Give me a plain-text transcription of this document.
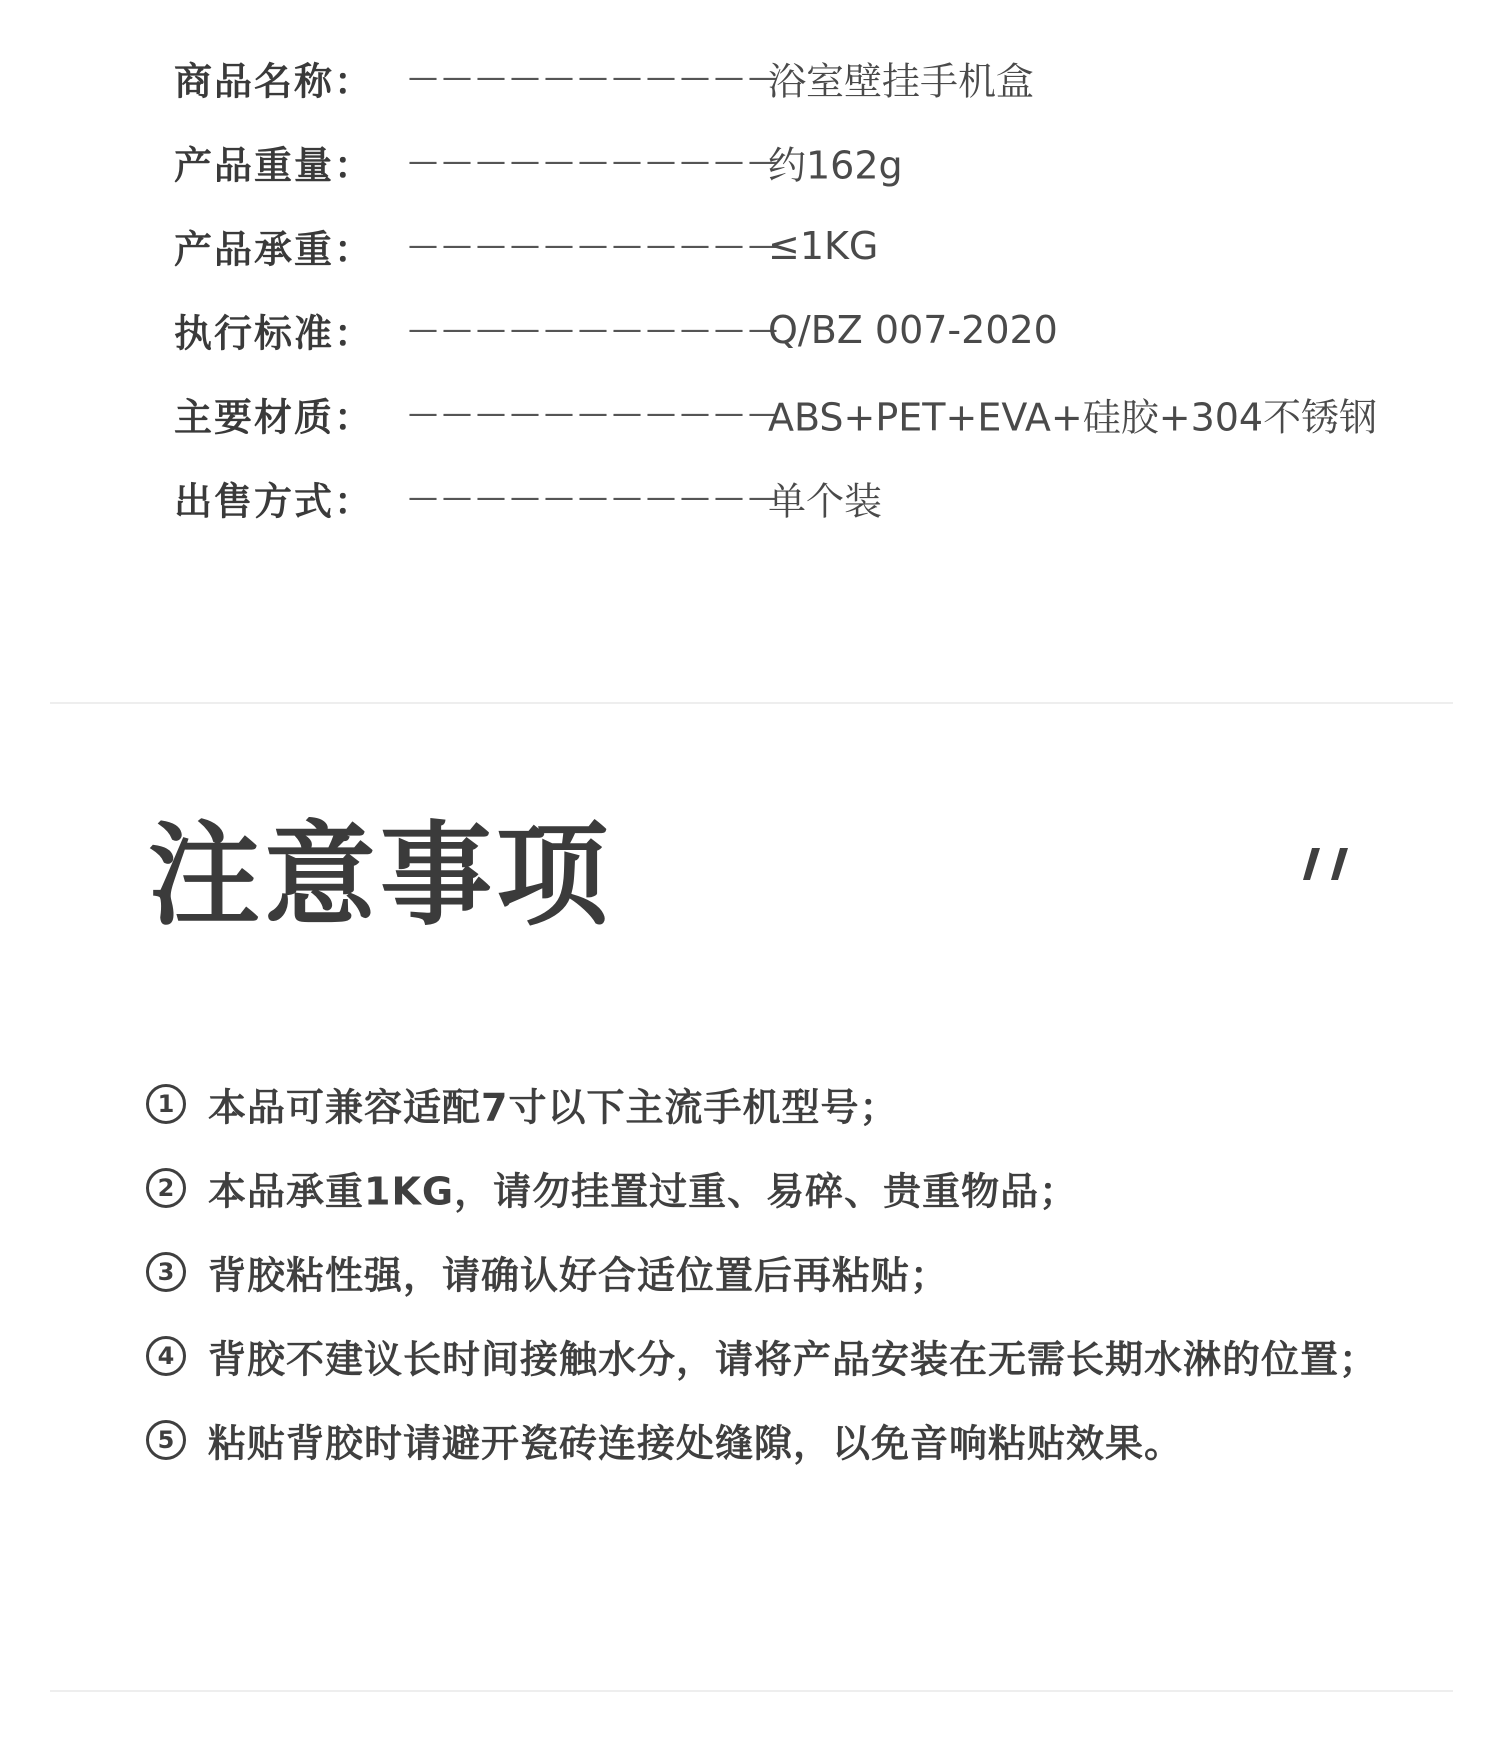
商品名称： ———————————
浴室壁挂手机盒
产品重量： ———————————
约162g
产品承重： ———————————
≤1KG
执行标准： ———————————
Q/BZ 007-2020
主要材质： ———————————
ABS+PET+EVA+硅胶+304不锈钢
出售方式： ———————————
单个装
注意事项
1 本品可兼容适配7寸以下主流手机型号；
2 本品承重1KG，请勿挂置过重、易碎、贵重物品；
3 背胶粘性强，请确认好合适位置后再粘贴；
4 背胶不建议长时间接触水分，请将产品安装在无需长期水淋的位置；
5 粘贴背胶时请避开瓷砖连接处缝隙，以免音响粘贴效果。
